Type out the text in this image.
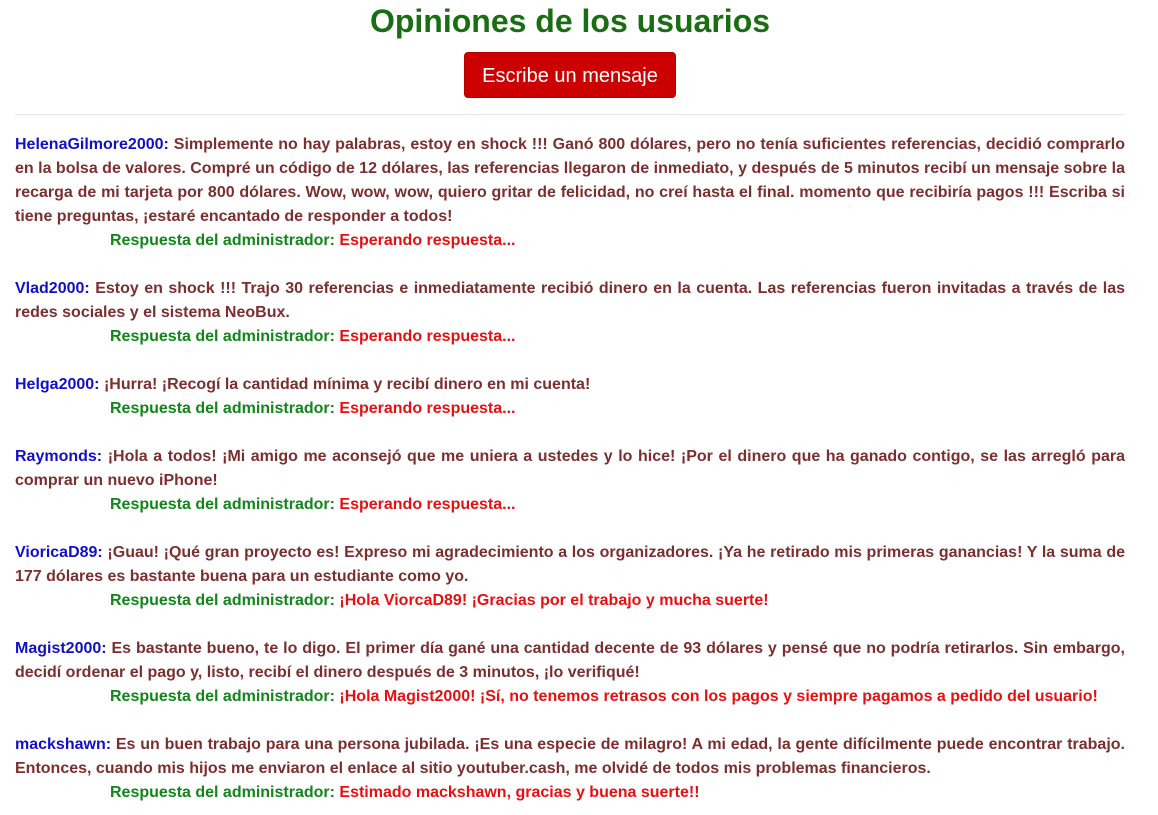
Opiniones de los usuarios
Escribe un mensaje
HelenaGilmore2000: Simplemente no hay palabras, estoy en shock !!! Ganó 800 dólares, pero no tenía suficientes referencias, decidió comprarlo en la bolsa de valores. Compré un código de 12 dólares, las referencias llegaron de inmediato, y después de 5 minutos recibí un mensaje sobre la recarga de mi tarjeta por 800 dólares. Wow, wow, wow, quiero gritar de felicidad, no creí hasta el final. momento que recibiría pagos !!! Escriba si tiene preguntas, ¡estaré encantado de responder a todos!
Respuesta del administrador: Esperando respuesta...
Vlad2000: Estoy en shock !!! Trajo 30 referencias e inmediatamente recibió dinero en la cuenta. Las referencias fueron invitadas a través de las redes sociales y el sistema NeoBux.
Respuesta del administrador: Esperando respuesta...
Helga2000: ¡Hurra! ¡Recogí la cantidad mínima y recibí dinero en mi cuenta!
Respuesta del administrador: Esperando respuesta...
Raymonds: ¡Hola a todos! ¡Mi amigo me aconsejó que me uniera a ustedes y lo hice! ¡Por el dinero que ha ganado contigo, se las arregló para comprar un nuevo iPhone!
Respuesta del administrador: Esperando respuesta...
VioricaD89: ¡Guau! ¡Qué gran proyecto es! Expreso mi agradecimiento a los organizadores. ¡Ya he retirado mis primeras ganancias! Y la suma de 177 dólares es bastante buena para un estudiante como yo.
Respuesta del administrador: ¡Hola ViorcaD89! ¡Gracias por el trabajo y mucha suerte!
Magist2000: Es bastante bueno, te lo digo. El primer día gané una cantidad decente de 93 dólares y pensé que no podría retirarlos. Sin embargo, decidí ordenar el pago y, listo, recibí el dinero después de 3 minutos, ¡lo verifiqué!
Respuesta del administrador: ¡Hola Magist2000! ¡Sí, no tenemos retrasos con los pagos y siempre pagamos a pedido del usuario!
mackshawn: Es un buen trabajo para una persona jubilada. ¡Es una especie de milagro! A mi edad, la gente difícilmente puede encontrar trabajo. Entonces, cuando mis hijos me enviaron el enlace al sitio youtuber.cash, me olvidé de todos mis problemas financieros.
Respuesta del administrador: Estimado mackshawn, gracias y buena suerte!!
